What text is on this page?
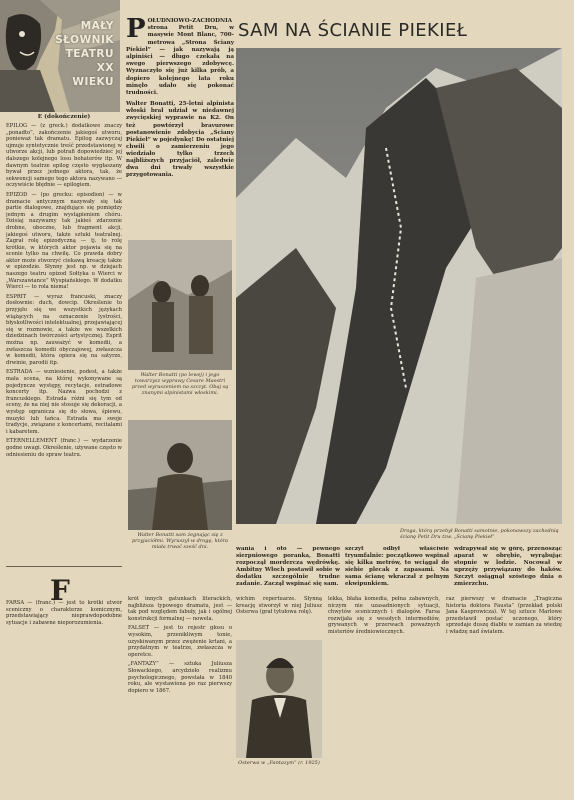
MAŁY
SŁOWNIK
TEATRU
XX
WIEKU
E (dokończenie)

EPILOG — (z greck.) dodatkowe znaczy „ponadto”, zakończenie jakiegoś utworu, ponieważ tak dramatu. Epilog zazwyczaj ujmuje syntetycznie treść przedstawionej w utworze akcji, lub potrafi dopowiedzieć jej dalszego kolejnego losu bohaterów itp. W dawnym teatrze epilog często wygłaszany bywał przez jednego aktora, tak, że sekwencji samego tego aktora nazywano — oczywiście błędnie — epilogiem.

EPIZOD — (po grecku: episodion) — w dramacie antycznym nazywały się tak partie dialogowe, znajdujące się pomiędzy jednym a drugim wystąpieniem chóru. Dzisiaj nazywamy tak jakieś zdarzenie drobne, uboczne, lub fragment akcji, jakiegoś utworu, także sztuki teatralnej. Zagrał rolę epizodyczną — tj. to rolę krótkie, w których aktor pojawia się na scenie tylko na chwilę. Co prawda dobry aktor może stworzyć ciekawą kreację także w epizodzie. Słynny jest np. w dziejach naszego teatru epizod Sołtyka u Wierci w „Warszawiance” Wyspiańskiego. W dodatku Wierci — to rola niema!

ESPRIT — wyraz francuski, znaczy dosłownie: duch, dowcip. Określenie to przyjęło się we wszystkich językach wiążących na oznaczenie lystrości, błyskotliwości intelektualnej, przejawiającej się w rozmowie, a także we wszelkich dziedzinach twórczości artystycznej. Esprit można np. zauważyć w komedii, a zwłaszcza komedii obyczajowej, zwłaszcza w komedii, która opiera się na satyrze, drwinie, parodii itp.

ESTRADA — wzniesienie, podest, a także mała scena, na której wykonywane są pojedyncze występy, recytacje, estradowe koncerty itp. Nazwa pochodzi z francuskiego. Estrada różni się tym od sceny, że na niej nie stosuje się dekoracji, a występ ogranicza się do słowa, śpiewu, muzyki lub tańca. Estrada ma swoje tradycje, związane z koncertami, recitalami i kabaretem.

ETERNELLEMENT (franc.) — wydarzenie godne uwagi. Określenie, używane często w odniesieniu do spraw teatru.

P OŁUDNIOWO-ZACHODNIA strona Petit Dru, w masywie Mont Blanc, 700-metrowa „Strona Ściany Piekieł” — jak nazywają ją alpiniści — długo czekała na swego pierwszego zdobywcę. Wyznaczyło się już kilka prób, a dopiero kolejnego lata roku minęło udało się pokonać trudności.

Walter Bonatti, 25-letni alpinista włoski brał udział w niedawnej zwycięskiej wyprawie na K2. On też powtórzył bravurowe postanowienie zdobycia „Ściany Piekieł” w pojedynkę! Do ostatniej chwili o zamierzeniu jego wiedziało tylko trzech najbliższych przyjaciół, zaledwie dwa dni trwały wszystkie przygotowania.

Walter Bonatti (po lewej) i jego towarzysz wyprawy Cesare Maestri przed wyruszeniem na szczyt. Obaj są znanymi alpinistami włoskimi.
Walter Bonatti sam żegnając się z przyjaciółmi. Wyruszył w drogę, która miała trwać sześć dni.
SAM NA ŚCIANIE PIEKIEŁ
Droga, którą przebył Bonatti samotnie, pokonawszy zachodnią ścianę Petit Dru tzw. „Ścianę Piekieł”

wania i oto — pewnego sierpniowego poranka, Bonatti rozpoczął mordercza wędrówkę. Ambitny Włoch postawił sobie w dodatku szczególnie trudne zadanie. Zaczął wspinać się sam.

szczyt odbył właściwie tryumfalnie: początkowo wspinał się kilka metrów, to wciągał do siebie plecak z zapasami. Na sama ścianę wkraczał z pełnym ekwipunkiem.

wdrapywał się w górę, przenosząc aparat w obrębie, wyrąbując stopnie w lodzie. Nocował w uprzęży przywiązany do haków. Szczyt osiągnął szóstego dnia o zmierzchu.

F

FARSA — (franc.) — jest to krótki utwór sceniczny o charakterze komicznym, przedstawiający nieprawdopodobne sytuacje i zabawne nieporozumienia.

krót innych gatunkach literackich, najbliższa typowego dramatu, jest — tak pod względem fabuły, jak i ogólnej konstrukcji formalnej — nowela.

FALSET — jest to rejestr głosu o wysokim, przenikliwym tonie, uzyskiwanym przez zwężenie krtani, a przydatnym w teatrze, zwłaszcza w operetce.

„FANTAZY” — sztuka Juliusza Słowackiego, arcydzieło realizmu psychologicznego, powstała w 1840 roku, ale wystawiona po raz pierwszy dopiero w 1867.

Osterwa w „Fantazym” (r. 1925)

wichim repertuarze. Słynną kreację stworzył w niej Juliusz Osterwa (grał tytułowa rolę).

lekka, błaha komedia, pełna zabawnych, niczym nie uzasadnionych sytuacji, chwytów scenicznych i dialogów. Farsa rozwijała się z wesołych intermediów, grywanych w przerwach poważnych misteriów średniowiecznych.

raz pierwszy w dramacie „Tragiczna historia doktora Fausta” (przekład polski Jana Kasprowicza). W tej sztuce Marlowe przedstawił postać uczonego, który sprzedaje duszę diabłu w zamian za wiedzę i władzę nad światem.
